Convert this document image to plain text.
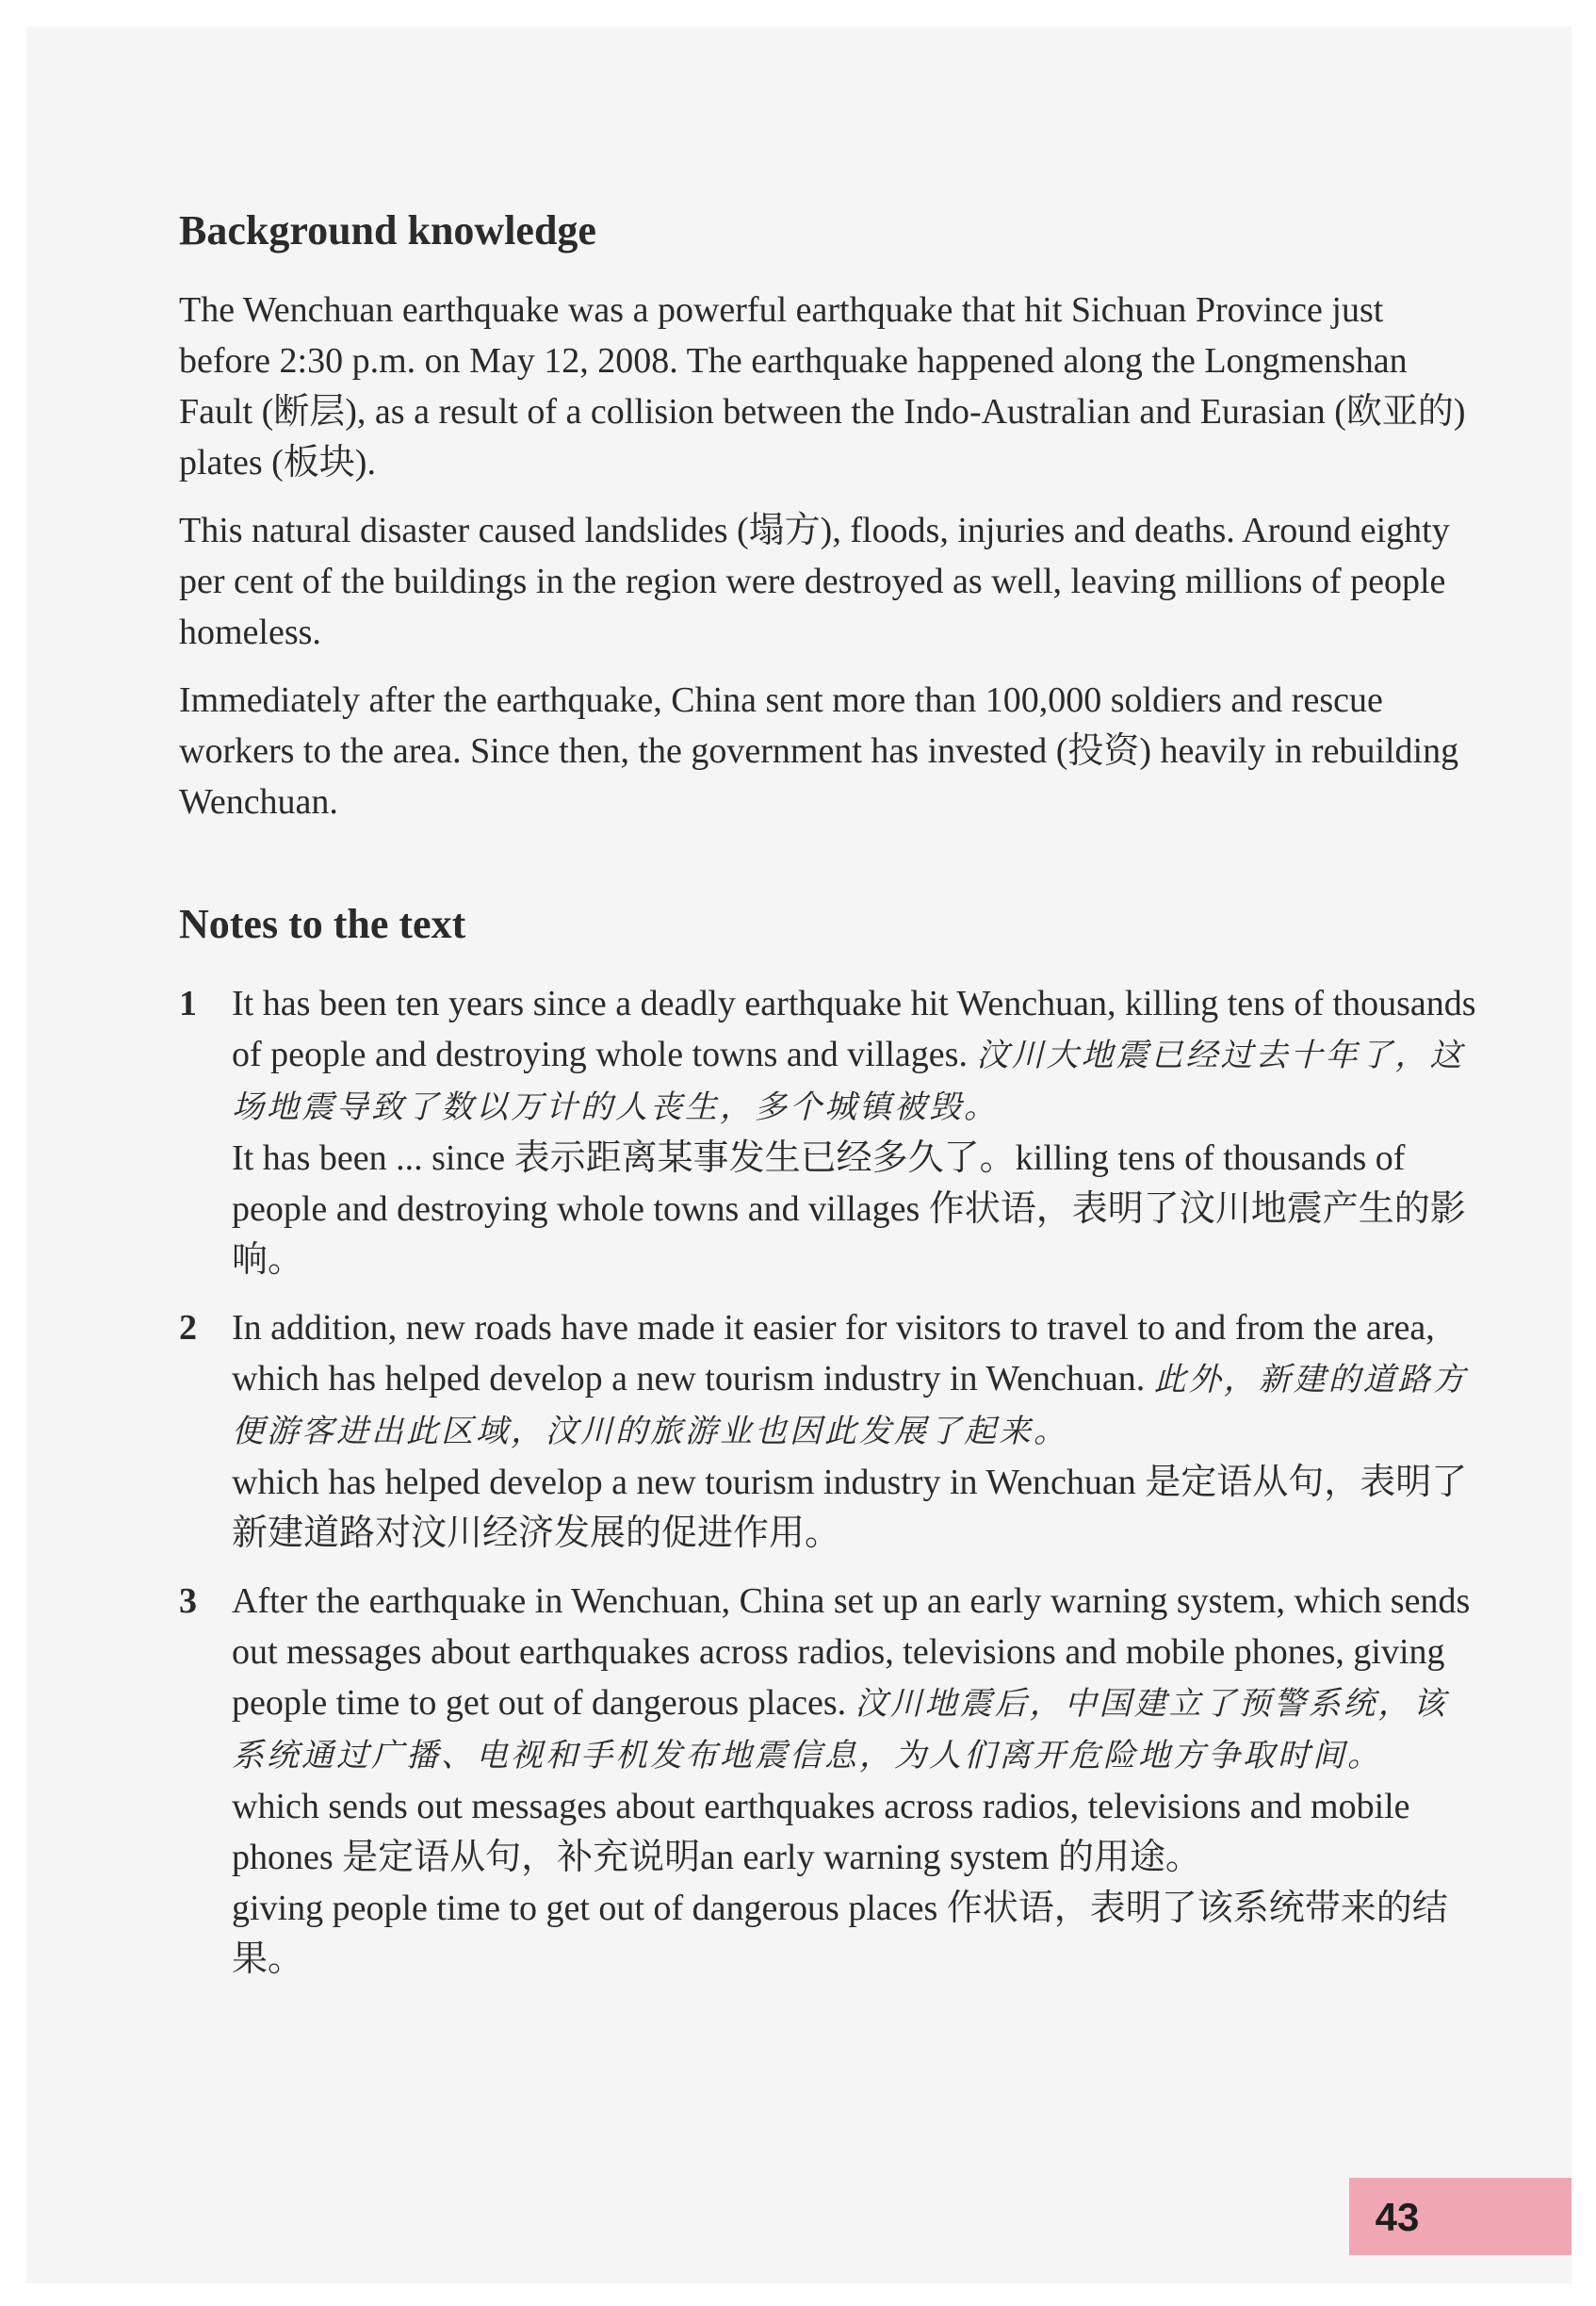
Background knowledge

The Wenchuan earthquake was a powerful earthquake that hit Sichuan Province just before 2:30 p.m. on May 12, 2008. The earthquake happened along the Longmenshan Fault (断层), as a result of a collision between the Indo-Australian and Eurasian (欧亚的) plates (板块).

This natural disaster caused landslides (塌方), floods, injuries and deaths. Around eighty per cent of the buildings in the region were destroyed as well, leaving millions of people homeless.

Immediately after the earthquake, China sent more than 100,000 soldiers and rescue workers to the area. Since then, the government has invested (投资) heavily in rebuilding Wenchuan.

Notes to the text
1 It has been ten years since a deadly earthquake hit Wenchuan, killing tens of thousands of people and destroying whole towns and villages. 汶川大地震已经过去十年了，这场地震导致了数以万计的人丧生，多个城镇被毁。

It has been ... since 表示距离某事发生已经多久了。killing tens of thousands of people and destroying whole towns and villages 作状语，表明了汶川地震产生的影响。

2 In addition, new roads have made it easier for visitors to travel to and from the area, which has helped develop a new tourism industry in Wenchuan. 此外，新建的道路方便游客进出此区域，汶川的旅游业也因此发展了起来。

which has helped develop a new tourism industry in Wenchuan 是定语从句，表明了新建道路对汶川经济发展的促进作用。

3 After the earthquake in Wenchuan, China set up an early warning system, which sends out messages about earthquakes across radios, televisions and mobile phones, giving people time to get out of dangerous places. 汶川地震后，中国建立了预警系统，该系统通过广播、电视和手机发布地震信息，为人们离开危险地方争取时间。

which sends out messages about earthquakes across radios, televisions and mobile phones 是定语从句，补充说明an early warning system 的用途。

giving people time to get out of dangerous places 作状语，表明了该系统带来的结果。

43
